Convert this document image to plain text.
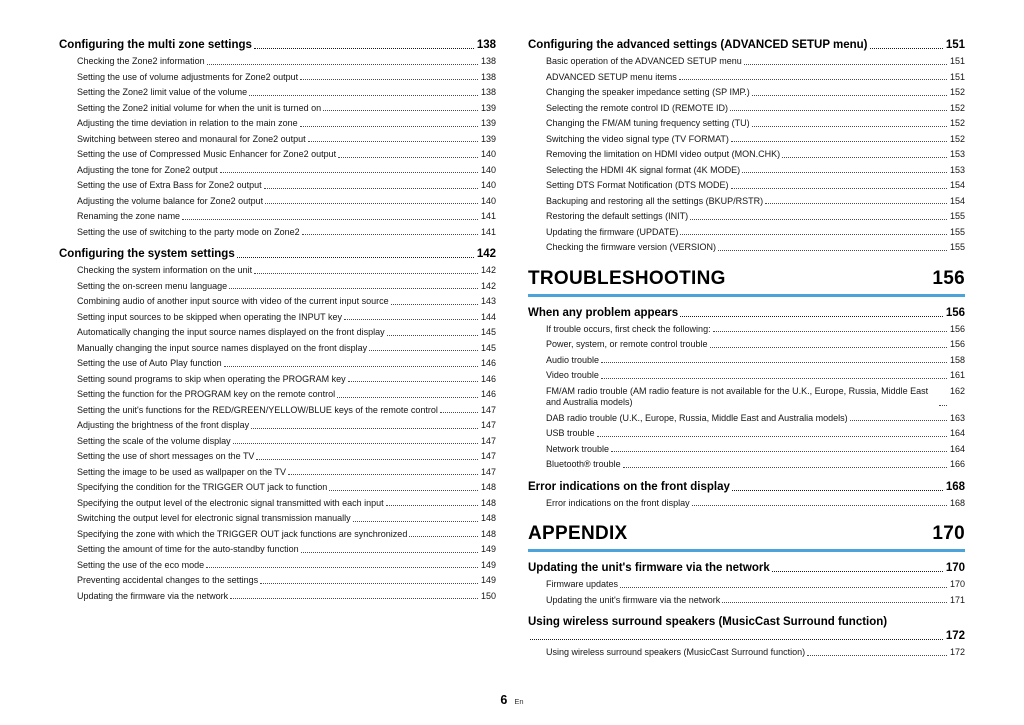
Configuring the multi zone settings	138
Checking the Zone2 information	138
Setting the use of volume adjustments for Zone2 output	138
Setting the Zone2 limit value of the volume	138
Setting the Zone2 initial volume for when the unit is turned on	139
Adjusting the time deviation in relation to the main zone	139
Switching between stereo and monaural for Zone2 output	139
Setting the use of Compressed Music Enhancer for Zone2 output	140
Adjusting the tone for Zone2 output	140
Setting the use of Extra Bass for Zone2 output	140
Adjusting the volume balance for Zone2 output	140
Renaming the zone name	141
Setting the use of switching to the party mode on Zone2	141
Configuring the system settings	142
Checking the system information on the unit	142
Setting the on-screen menu language	142
Combining audio of another input source with video of the current input source	143
Setting input sources to be skipped when operating the INPUT key	144
Automatically changing the input source names displayed on the front display	145
Manually changing the input source names displayed on the front display	145
Setting the use of Auto Play function	146
Setting sound programs to skip when operating the PROGRAM key	146
Setting the function for the PROGRAM key on the remote control	146
Setting the unit's functions for the RED/GREEN/YELLOW/BLUE keys of the remote control	147
Adjusting the brightness of the front display	147
Setting the scale of the volume display	147
Setting the use of short messages on the TV	147
Setting the image to be used as wallpaper on the TV	147
Specifying the condition for the TRIGGER OUT jack to function	148
Specifying the output level of the electronic signal transmitted with each input	148
Switching the output level for electronic signal transmission manually	148
Specifying the zone with which the TRIGGER OUT jack functions are synchronized	148
Setting the amount of time for the auto-standby function	149
Setting the use of the eco mode	149
Preventing accidental changes to the settings	149
Updating the firmware via the network	150
Configuring the advanced settings (ADVANCED SETUP menu)	151
Basic operation of the ADVANCED SETUP menu	151
ADVANCED SETUP menu items	151
Changing the speaker impedance setting (SP IMP.)	152
Selecting the remote control ID (REMOTE ID)	152
Changing the FM/AM tuning frequency setting (TU)	152
Switching the video signal type (TV FORMAT)	152
Removing the limitation on HDMI video output (MON.CHK)	153
Selecting the HDMI 4K signal format (4K MODE)	153
Setting DTS Format Notification (DTS MODE)	154
Backuping and restoring all the settings (BKUP/RSTR)	154
Restoring the default settings (INIT)	155
Updating the firmware (UPDATE)	155
Checking the firmware version (VERSION)	155
TROUBLESHOOTING	156
When any problem appears	156
If trouble occurs, first check the following:	156
Power, system, or remote control trouble	156
Audio trouble	158
Video trouble	161
FM/AM radio trouble (AM radio feature is not available for the U.K., Europe, Russia, Middle East and Australia models)
162
DAB radio trouble (U.K., Europe, Russia, Middle East and Australia models)	163
USB trouble	164
Network trouble	164
Bluetooth® trouble	166
Error indications on the front display	168
Error indications on the front display	168
APPENDIX	170
Updating the unit's firmware via the network	170
Firmware updates	170
Updating the unit's firmware via the network	171
Using wireless surround speakers (MusicCast Surround function)
172
Using wireless surround speakers (MusicCast Surround function)	172
6 En
